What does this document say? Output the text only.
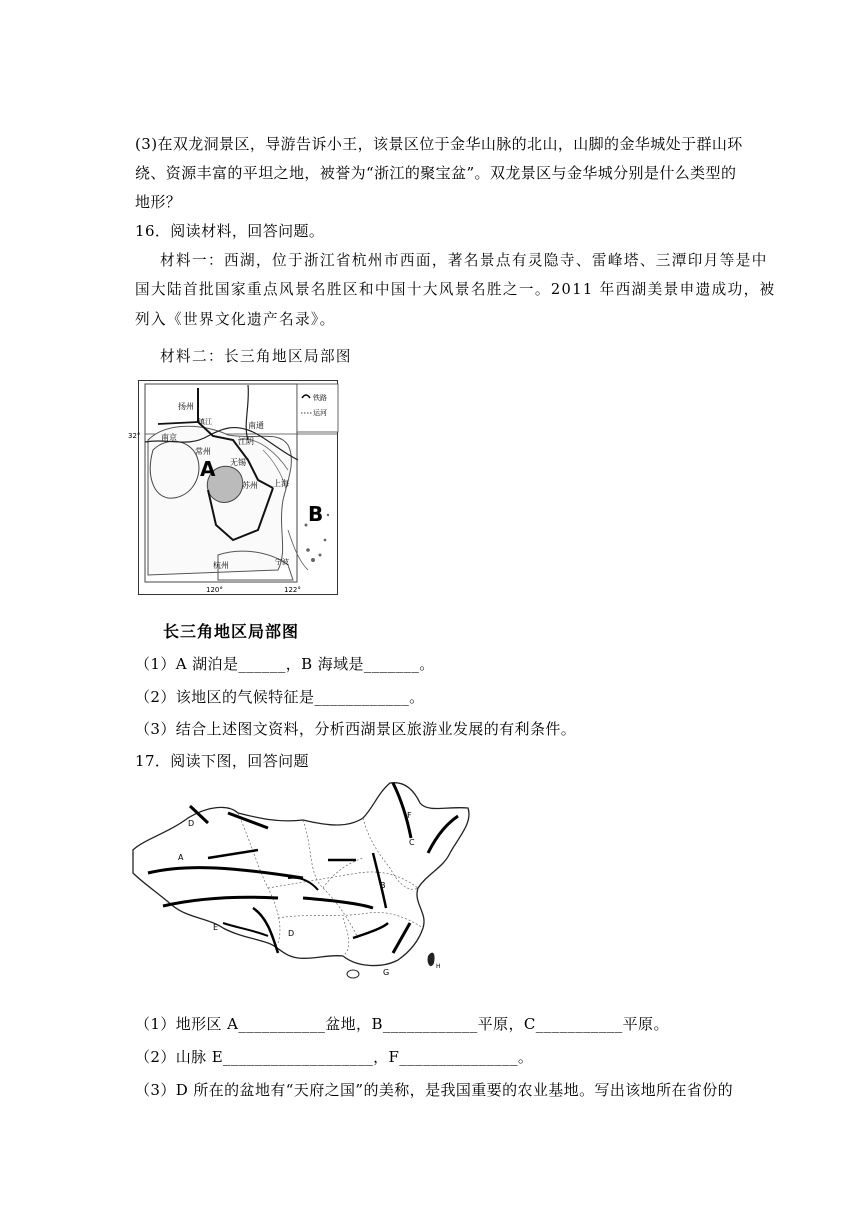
(3)在双龙洞景区，导游告诉小王，该景区位于金华山脉的北山，山脚的金华城处于群山环
绕、资源丰富的平坦之地，被誉为“浙江的聚宝盆”。双龙景区与金华城分别是什么类型的
地形？
16．阅读材料，回答问题。
材料一：西湖，位于浙江省杭州市西面，著名景点有灵隐寺、雷峰塔、三潭印月等是中
国大陆首批国家重点风景名胜区和中国十大风景名胜之一。2011 年西湖美景申遗成功，被
列入《世界文化遗产名录》。
材料二：长三角地区局部图
铁路
运河
扬州
镇江	南通
南京	江阴
常州
无锡
苏州 上海
杭州	宁波
A
B
32°
120°	122°
长三角地区局部图
（1）A 湖泊是______，B 海域是_______。
（2）该地区的气候特征是____________。
（3）结合上述图文资料，分析西湖景区旅游业发展的有利条件。
17．阅读下图，回答问题
D
A
F
C
B
D
E
G
H
（1）地形区 A___________盆地，B____________平原，C___________平原。
（2）山脉 E___________________，F_______________。
（3）D 所在的盆地有“天府之国”的美称，是我国重要的农业基地。写出该地所在省份的
